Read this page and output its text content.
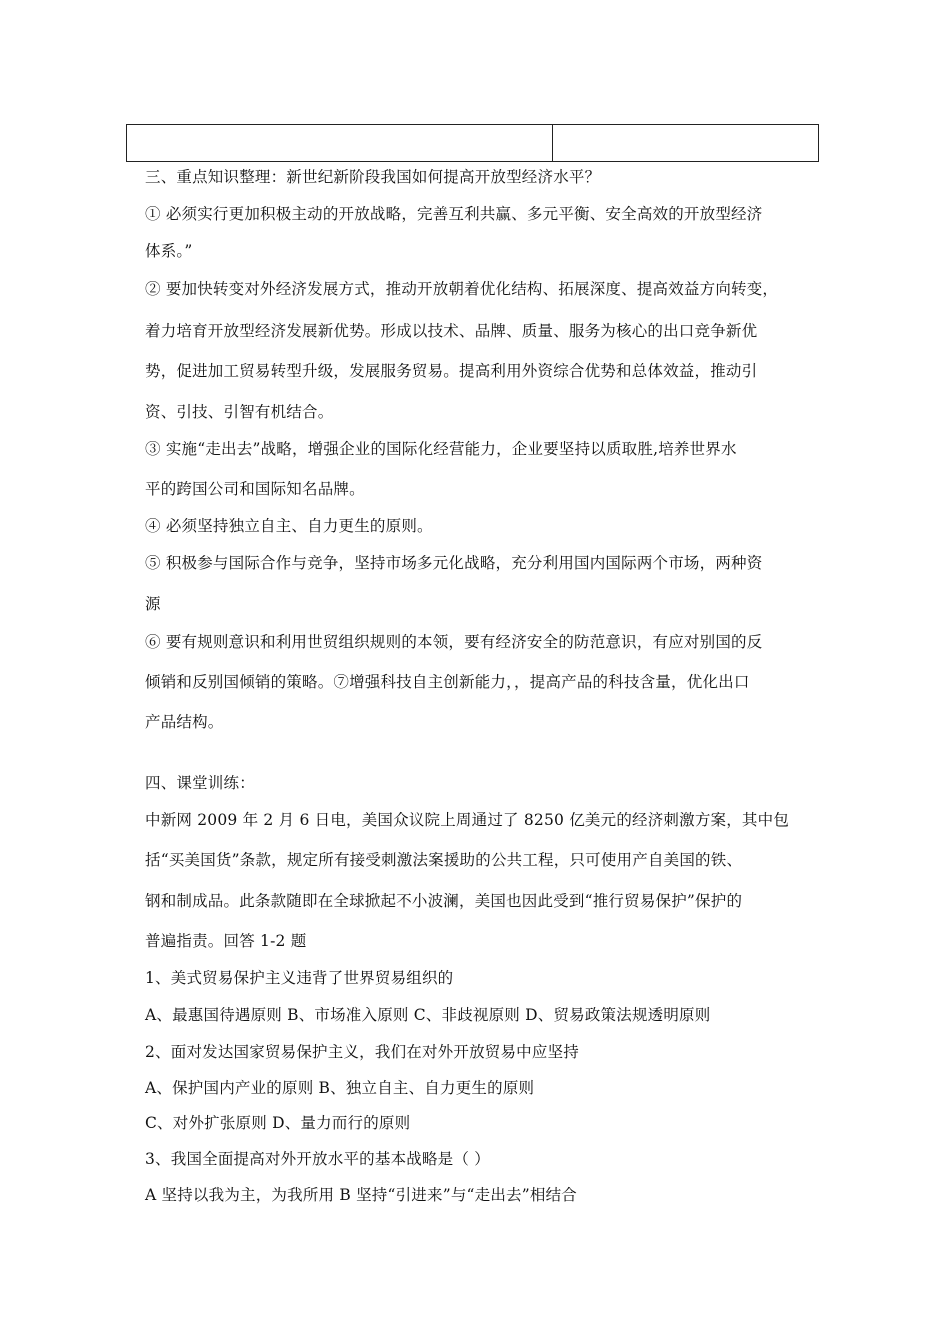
三、重点知识整理：新世纪新阶段我国如何提高开放型经济水平？
① 必须实行更加积极主动的开放战略，完善互利共赢、多元平衡、安全高效的开放型经济
体系。”
② 要加快转变对外经济发展方式，推动开放朝着优化结构、拓展深度、提高效益方向转变，
着力培育开放型经济发展新优势。形成以技术、品牌、质量、服务为核心的出口竞争新优
势，促进加工贸易转型升级，发展服务贸易。提高利用外资综合优势和总体效益，推动引
资、引技、引智有机结合。
③ 实施“走出去”战略，增强企业的国际化经营能力，企业要坚持以质取胜,培养世界水
平的跨国公司和国际知名品牌。
④ 必须坚持独立自主、自力更生的原则。
⑤ 积极参与国际合作与竞争，坚持市场多元化战略，充分利用国内国际两个市场，两种资
源
⑥ 要有规则意识和利用世贸组织规则的本领，要有经济安全的防范意识，有应对别国的反
倾销和反别国倾销的策略。⑦增强科技自主创新能力，，提高产品的科技含量，优化出口
产品结构。
四、课堂训练：
中新网 2009 年 2 月 6 日电，美国众议院上周通过了 8250 亿美元的经济刺激方案，其中包
括“买美国货”条款，规定所有接受刺激法案援助的公共工程，只可使用产自美国的铁、
钢和制成品。此条款随即在全球掀起不小波澜，美国也因此受到“推行贸易保护”保护的
普遍指责。回答 1-2 题
1、美式贸易保护主义违背了世界贸易组织的
A、最惠国待遇原则 B、市场准入原则 C、非歧视原则 D、贸易政策法规透明原则
2、面对发达国家贸易保护主义，我们在对外开放贸易中应坚持
A、保护国内产业的原则 B、独立自主、自力更生的原则
C、对外扩张原则 D、量力而行的原则
3、我国全面提高对外开放水平的基本战略是（ ）
A 坚持以我为主，为我所用 B 坚持“引进来”与“走出去”相结合
